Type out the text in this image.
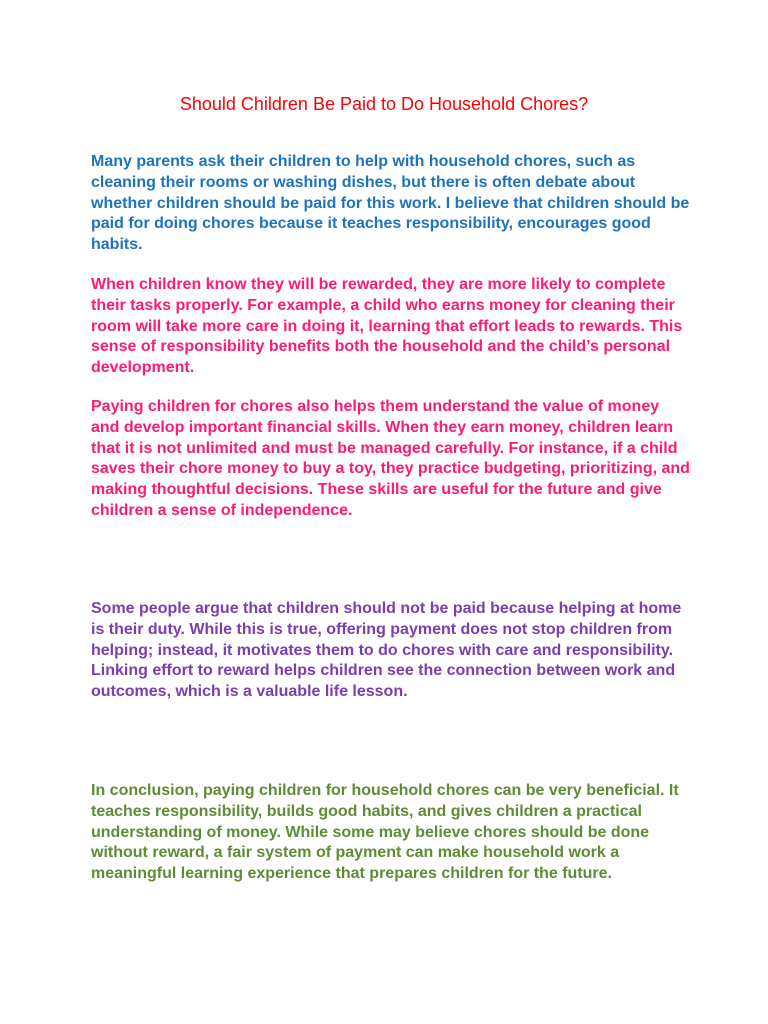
Should Children Be Paid to Do Household Chores?

Many parents ask their children to help with household chores, such as cleaning their rooms or washing dishes, but there is often debate about whether children should be paid for this work. I believe that children should be paid for doing chores because it teaches responsibility, encourages good habits.

When children know they will be rewarded, they are more likely to complete their tasks properly. For example, a child who earns money for cleaning their room will take more care in doing it, learning that effort leads to rewards. This sense of responsibility benefits both the household and the child’s personal development.

Paying children for chores also helps them understand the value of money and develop important financial skills. When they earn money, children learn that it is not unlimited and must be managed carefully. For instance, if a child saves their chore money to buy a toy, they practice budgeting, prioritizing, and making thoughtful decisions. These skills are useful for the future and give children a sense of independence.

Some people argue that children should not be paid because helping at home is their duty. While this is true, offering payment does not stop children from helping; instead, it motivates them to do chores with care and responsibility. Linking effort to reward helps children see the connection between work and outcomes, which is a valuable life lesson.

In conclusion, paying children for household chores can be very beneficial. It teaches responsibility, builds good habits, and gives children a practical understanding of money. While some may believe chores should be done without reward, a fair system of payment can make household work a meaningful learning experience that prepares children for the future.
